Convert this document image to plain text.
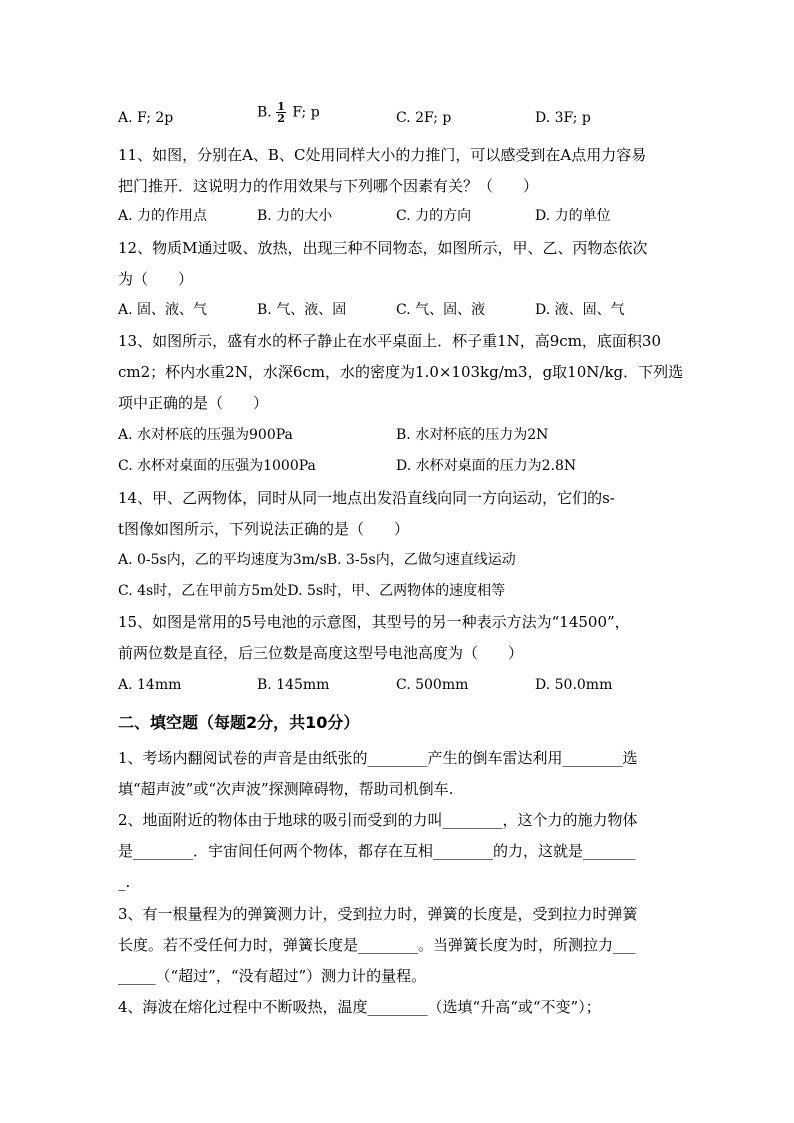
A. F; 2p	B. $\frac{1}{2} F$; p	C. 2F; p	D. 3F; p
11、如图，分别在A、B、C处用同样大小的力推门，可以感受到在A点用力容易
把门推开．这说明力的作用效果与下列哪个因素有关？（　　）
A. 力的作用点	B. 力的大小	C. 力的方向	D. 力的单位
12、物质M通过吸、放热，出现三种不同物态，如图所示，甲、乙、丙物态依次
为（　　）
A. 固、液、气	B. 气、液、固	C. 气、固、液	D. 液、固、气
13、如图所示，盛有水的杯子静止在水平桌面上．杯子重1N，高9cm，底面积30
cm2；杯内水重2N，水深6cm，水的密度为1.0×103kg/m3，g取10N/kg．下列选
项中正确的是（　　）
A. 水对杯底的压强为900Pa	B. 水对杯底的压力为2N
C. 水杯对桌面的压强为1000Pa	D. 水杯对桌面的压力为2.8N
14、甲、乙两物体，同时从同一地点出发沿直线向同一方向运动，它们的s-
t图像如图所示，下列说法正确的是（　　）
A. 0-5s内，乙的平均速度为3m/sB. 3-5s内，乙做匀速直线运动
C. 4s时，乙在甲前方5m处D. 5s时，甲、乙两物体的速度相等
15、如图是常用的5号电池的示意图，其型号的另一种表示方法为“14500”，
前两位数是直径，后三位数是高度这型号电池高度为（　　）
A. 14mm	B. 145mm	C. 500mm	D. 50.0mm
二、填空题（每题2分，共10分）
1、考场内翻阅试卷的声音是由纸张的________产生的倒车雷达利用________选
填“超声波”或“次声波”探测障碍物，帮助司机倒车.
2、地面附近的物体由于地球的吸引而受到的力叫________，这个力的施力物体
是________．宇宙间任何两个物体，都存在互相________的力，这就是_______
_.
3、有一根量程为的弹簧测力计，受到拉力时，弹簧的长度是，受到拉力时弹簧
长度。若不受任何力时，弹簧长度是________。当弹簧长度为时，所测拉力___
_____（“超过”，“没有超过”）测力计的量程。
4、海波在熔化过程中不断吸热，温度________（选填“升高“或“不变”）；
